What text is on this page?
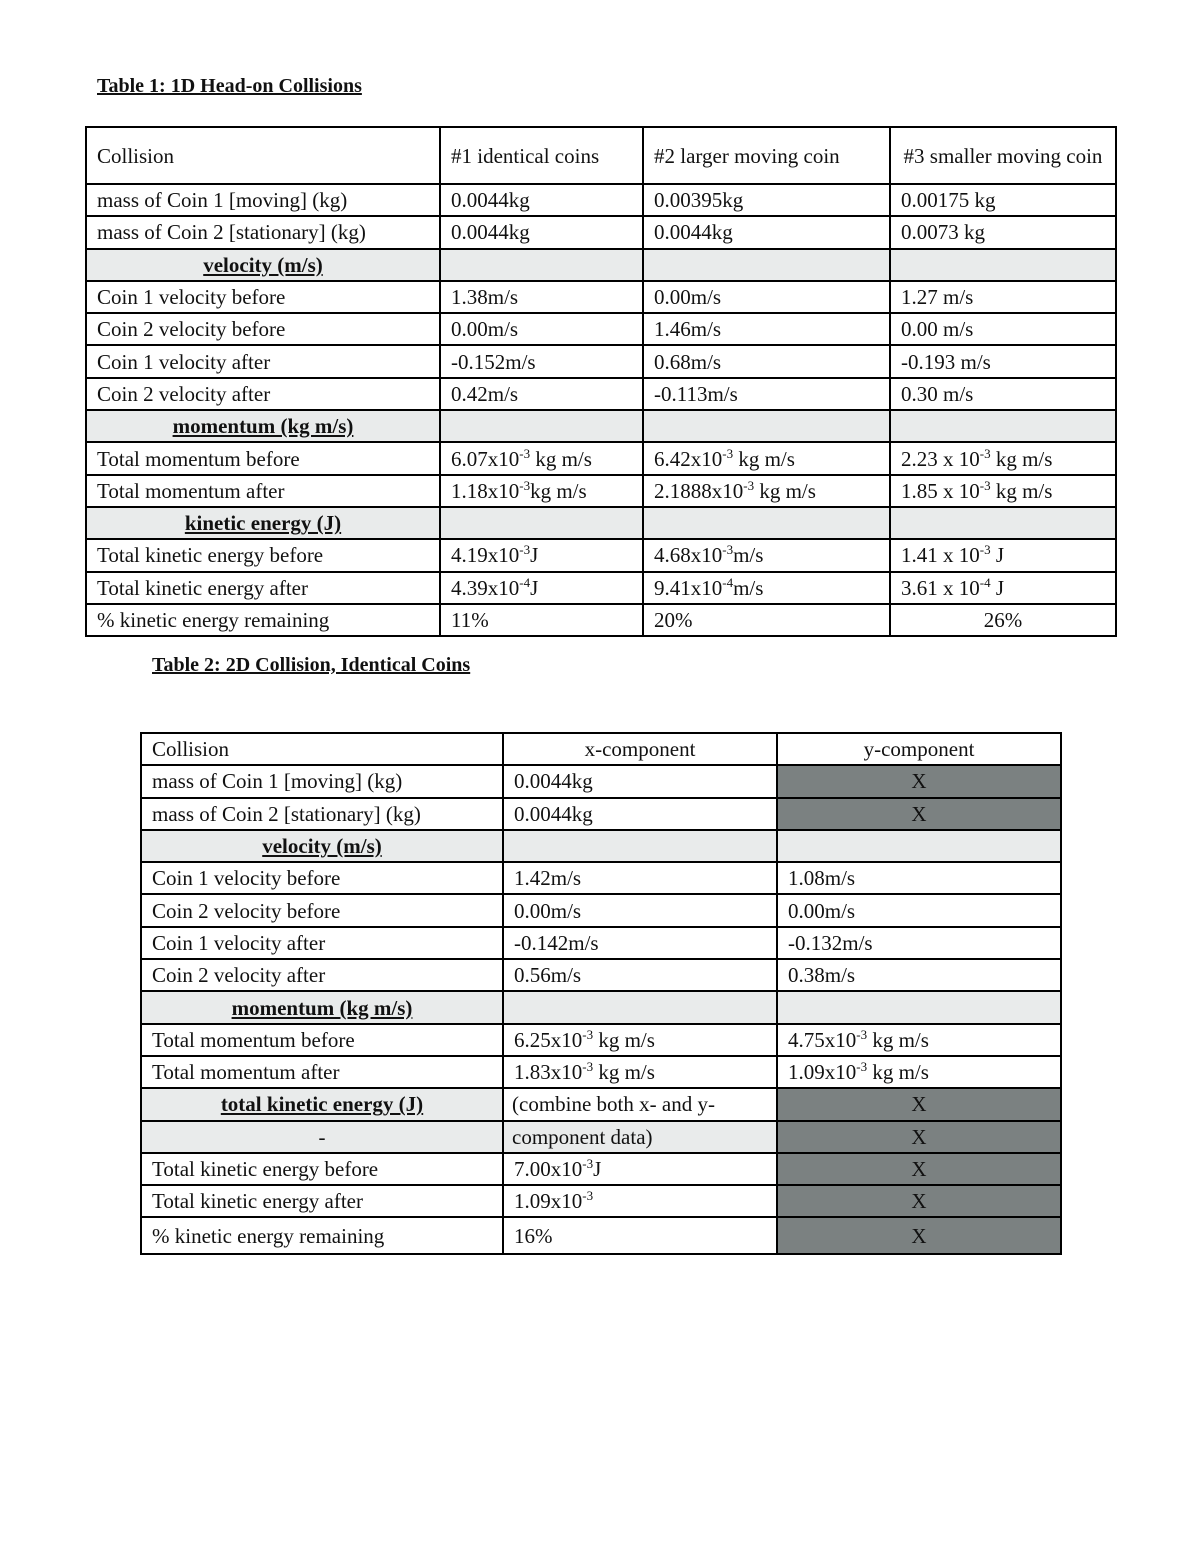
Table 1: 1D Head-on Collisions

Collision	#1 identical coins	#2 larger moving coin	#3 smaller moving coin
mass of Coin 1 [moving] (kg)	0.0044kg	0.00395kg	0.00175 kg
mass of Coin 2 [stationary] (kg)	0.0044kg	0.0044kg	0.0073 kg
velocity (m/s)			
Coin 1 velocity before	1.38m/s	0.00m/s	1.27 m/s
Coin 2 velocity before	0.00m/s	1.46m/s	0.00 m/s
Coin 1 velocity after	-0.152m/s	0.68m/s	-0.193 m/s
Coin 2 velocity after	0.42m/s	-0.113m/s	0.30 m/s
momentum (kg m/s)			
Total momentum before	$6.07x10^{-3}$ kg m/s	$6.42x10^{-3}$ kg m/s	2.23 x $10^{-3}$ kg m/s
Total momentum after	$1.18x10^{-3}kg$ m/s	$2.1888x10^{-3}$ kg m/s	1.85 x $10^{-3}$ kg m/s
kinetic energy (J)			
Total kinetic energy before	$4.19x10^{-3}J$	$4.68x10^{-3}m/s$	1.41 x $10^{-3}$ J
Total kinetic energy after	$4.39x10^{-4}J$	$9.41x10^{-4}m/s$	3.61 x $10^{-4}$ J
% kinetic energy remaining	11%	20%	26%

Table 2: 2D Collision, Identical Coins

Collision	x-component	y-component
mass of Coin 1 [moving] (kg)	0.0044kg	X
mass of Coin 2 [stationary] (kg)	0.0044kg	X
velocity (m/s)		
Coin 1 velocity before	1.42m/s	1.08m/s
Coin 2 velocity before	0.00m/s	0.00m/s
Coin 1 velocity after	-0.142m/s	-0.132m/s
Coin 2 velocity after	0.56m/s	0.38m/s
momentum (kg m/s)		
Total momentum before	$6.25x10^{-3}$ kg m/s	$4.75x10^{-3}$ kg m/s
Total momentum after	$1.83x10^{-3}$ kg m/s	$1.09x10^{-3}$ kg m/s
total kinetic energy (J)	(combine both x- and y-	X
-	component data)	X
Total kinetic energy before	$7.00x10^{-3}J$	X
Total kinetic energy after	$1.09x10^{-3}$	X
% kinetic energy remaining	16%	X
